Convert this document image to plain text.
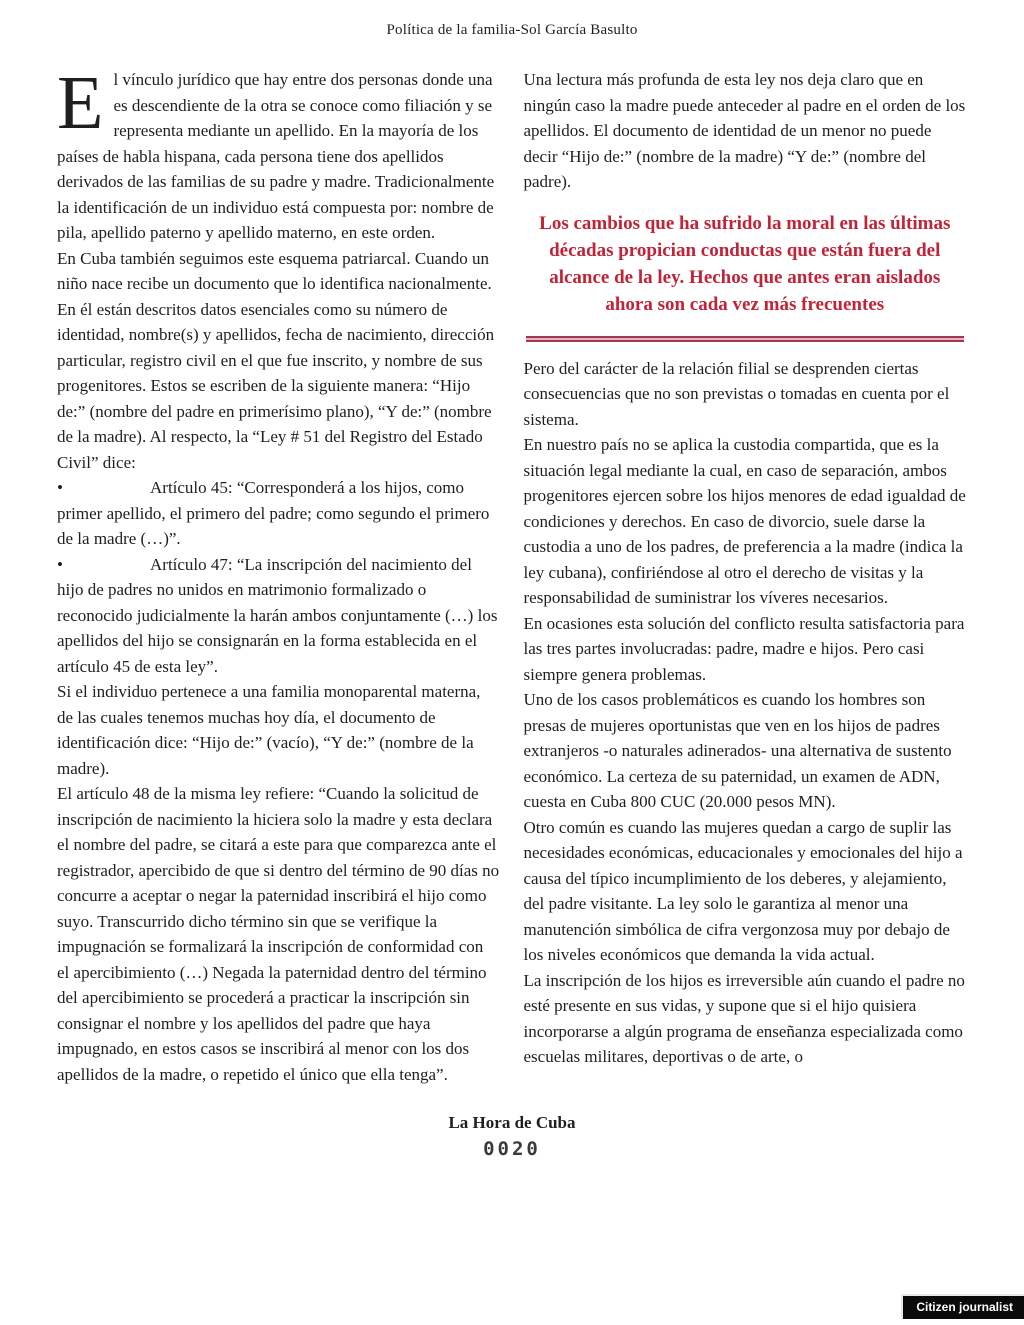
Política de la familia-Sol García Basulto

El vínculo jurídico que hay entre dos personas donde una es descendiente de la otra se conoce como filiación y se representa mediante un apellido. En la mayoría de los países de habla hispana, cada persona tiene dos apellidos derivados de las familias de su padre y madre. Tradicionalmente la identificación de un individuo está compuesta por: nombre de pila, apellido paterno y apellido materno, en este orden.

En Cuba también seguimos este esquema patriarcal. Cuando un niño nace recibe un documento que lo identifica nacionalmente. En él están descritos datos esenciales como su número de identidad, nombre(s) y apellidos, fecha de nacimiento, dirección particular, registro civil en el que fue inscrito, y nombre de sus progenitores. Estos se escriben de la siguiente manera: “Hijo de:” (nombre del padre en primerísimo plano), “Y de:” (nombre de la madre). Al respecto, la “Ley # 51 del Registro del Estado Civil” dice:

•	Artículo 45: “Corresponderá a los hijos, como primer apellido, el primero del padre; como segundo el primero de la madre (…)”.

•	Artículo 47: “La inscripción del nacimiento del hijo de padres no unidos en matrimonio formalizado o reconocido judicialmente la harán ambos conjuntamente (…) los apellidos del hijo se consignarán en la forma establecida en el artículo 45 de esta ley”.

Si el individuo pertenece a una familia monoparental materna, de las cuales tenemos muchas hoy día, el documento de identificación dice: “Hijo de:” (vacío), “Y de:” (nombre de la madre).

El artículo 48 de la misma ley refiere: “Cuando la solicitud de inscripción de nacimiento la hiciera solo la madre y esta declara el nombre del padre, se citará a este para que comparezca ante el registrador, apercibido de que si dentro del término de 90 días no concurre a aceptar o negar la paternidad inscribirá el hijo como suyo. Transcurrido dicho término sin que se verifique la impugnación se formalizará la inscripción de conformidad con el apercibimiento (…) Negada la paternidad dentro del término del apercibimiento se procederá a practicar la inscripción sin consignar el nombre y los apellidos del padre que haya impugnado, en estos casos se inscribirá al menor con los dos apellidos de la madre, o repetido el único que ella tenga”.

Una lectura más profunda de esta ley nos deja claro que en ningún caso la madre puede anteceder al padre en el orden de los apellidos. El documento de identidad de un menor no puede decir “Hijo de:” (nombre de la madre) “Y de:” (nombre del padre).

Los cambios que ha sufrido la moral en las últimas décadas propician conductas que están fuera del alcance de la ley. Hechos que antes eran aislados ahora son cada vez más frecuentes

Pero del carácter de la relación filial se desprenden ciertas consecuencias que no son previstas o tomadas en cuenta por el sistema.

En nuestro país no se aplica la custodia compartida, que es la situación legal mediante la cual, en caso de separación, ambos progenitores ejercen sobre los hijos menores de edad igualdad de condiciones y derechos. En caso de divorcio, suele darse la custodia a uno de los padres, de preferencia a la madre (indica la ley cubana), confiriéndose al otro el derecho de visitas y la responsabilidad de suministrar los víveres necesarios.

En ocasiones esta solución del conflicto resulta satisfactoria para las tres partes involucradas: padre, madre e hijos. Pero casi siempre genera problemas.

Uno de los casos problemáticos es cuando los hombres son presas de mujeres oportunistas que ven en los hijos de padres extranjeros -o naturales adinerados- una alternativa de sustento económico. La certeza de su paternidad, un examen de ADN, cuesta en Cuba 800 CUC (20.000 pesos MN).

Otro común es cuando las mujeres quedan a cargo de suplir las necesidades económicas, educacionales y emocionales del hijo a causa del típico incumplimiento de los deberes, y alejamiento, del padre visitante. La ley solo le garantiza al menor una manutención simbólica de cifra vergonzosa muy por debajo de los niveles económicos que demanda la vida actual.

La inscripción de los hijos es irreversible aún cuando el padre no esté presente en sus vidas, y supone que si el hijo quisiera incorporarse a algún programa de enseñanza especializada como escuelas militares, deportivas o de arte, o

La Hora de Cuba
0020
Citizen journalist
